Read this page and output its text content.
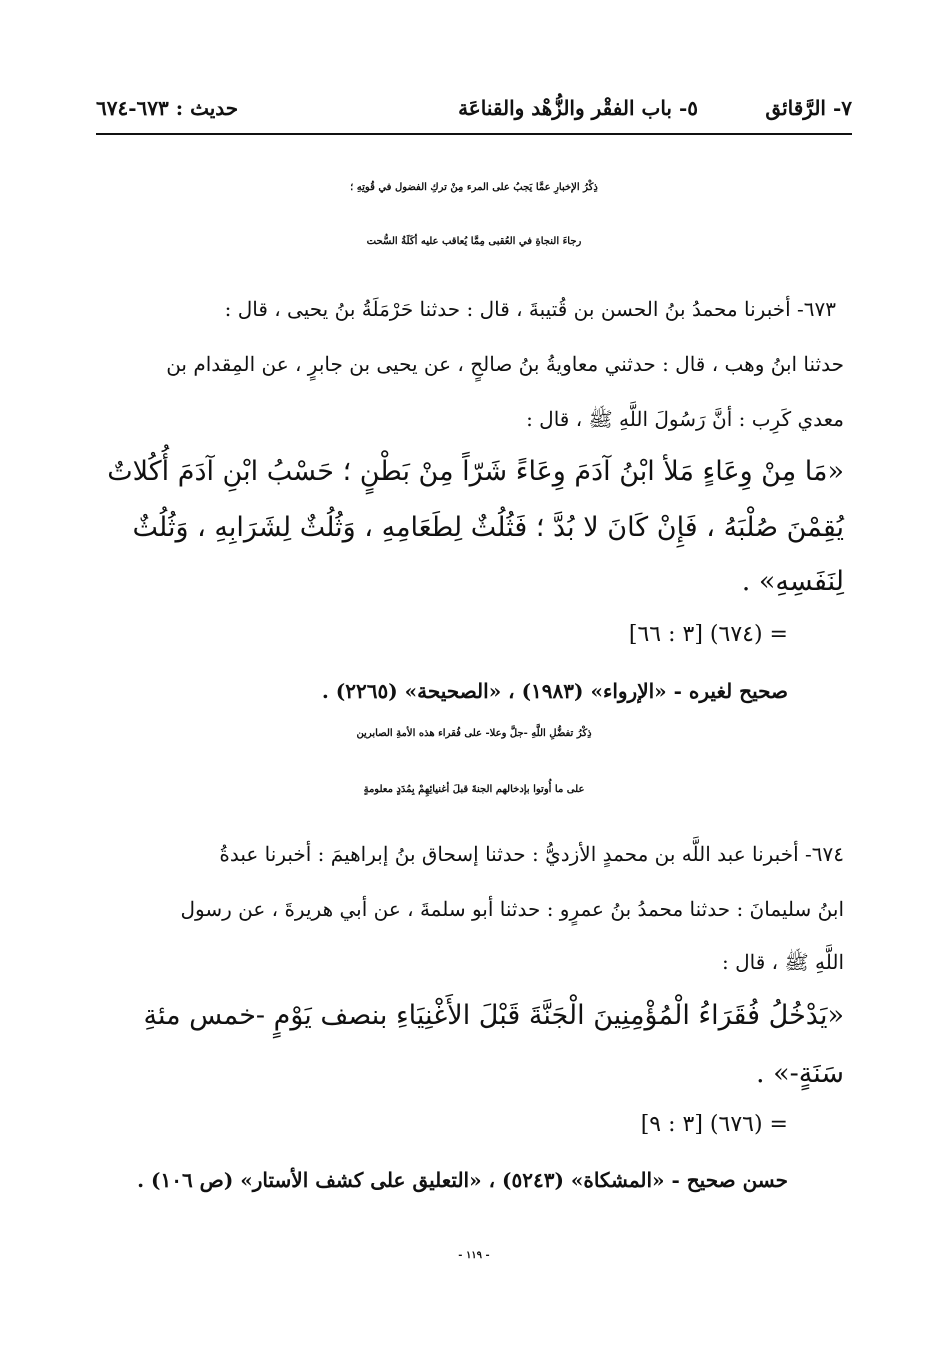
٧- الرَّقائق
٥- باب الفقْر والزُّهْد والقناعَة
حديث : ٦٧٣-٦٧٤
ذِكْرُ الإخبارِ عمَّا يَجبُ على المرء مِنْ تركِ الفضول في قُوتِهِ ؛
رجاءَ النجاةِ في العُقبى مِمَّا يُعاقب عليه أكَلَةُ السُّحت
٦٧٣- أخبرنا محمدُ بنُ الحسن بن قُتيبةَ ، قال : حدثنا حَرْمَلَةُ بنُ يحيى ، قال :
حدثنا ابنُ وهب ، قال : حدثني معاويةُ بنُ صالحٍ ، عن يحيى بن جابرٍ ، عن المِقدام بن
معدي كَرِب : أنَّ رَسُولَ اللَّهِ ﷺ ، قال :
«مَا مِنْ وِعَاءٍ مَلأ ابْنُ آدَمَ وِعَاءً شَرّاً مِنْ بَطْنٍ ؛ حَسْبُ ابْنِ آدَمَ أُكُلاتٌ
يُقِمْنَ صُلْبَهُ ، فَإِنْ كَانَ لا بُدَّ ؛ فَثُلُثٌ لِطَعَامِهِ ، وَثُلُثٌ لِشَرَابِهِ ، وَثُلُثٌ
لِنَفَسِهِ» .
= (٦٧٤) [٣ : ٦٦]
صحيح لغيره - «الإرواء» (١٩٨٣) ، «الصحيحة» (٢٢٦٥) .
ذِكْرُ تفضُّلِ اللَّهِ -جلَّ وعلا- على فُقراء هذه الأمةِ الصابرين
على ما أُوتوا بإدخالهم الجنةَ قبلَ أغنيائِهِمْ بِمُدَدٍ معلومةٍ
٦٧٤- أخبرنا عبد اللَّه بن محمدٍ الأزديُّ : حدثنا إسحاق بنُ إبراهيمَ : أخبرنا عبدةُ
ابنُ سليمانَ : حدثنا محمدُ بنُ عمرٍو : حدثنا أبو سلمةَ ، عن أبي هريرةَ ، عن رسول
اللَّهِ ﷺ ، قال :
«يَدْخُلُ فُقَرَاءُ الْمُؤْمِنِينَ الْجَنَّةَ قَبْلَ الأَغْنِيَاءِ بنصف يَوْمٍ -خمس مئةِ
سَنَةٍ-» .
= (٦٧٦) [٣ : ٩]
حسن صحيح - «المشكاة» (٥٢٤٣) ، «التعليق على كشف الأستار» (ص ١٠٦) .
- ١١٩ -
